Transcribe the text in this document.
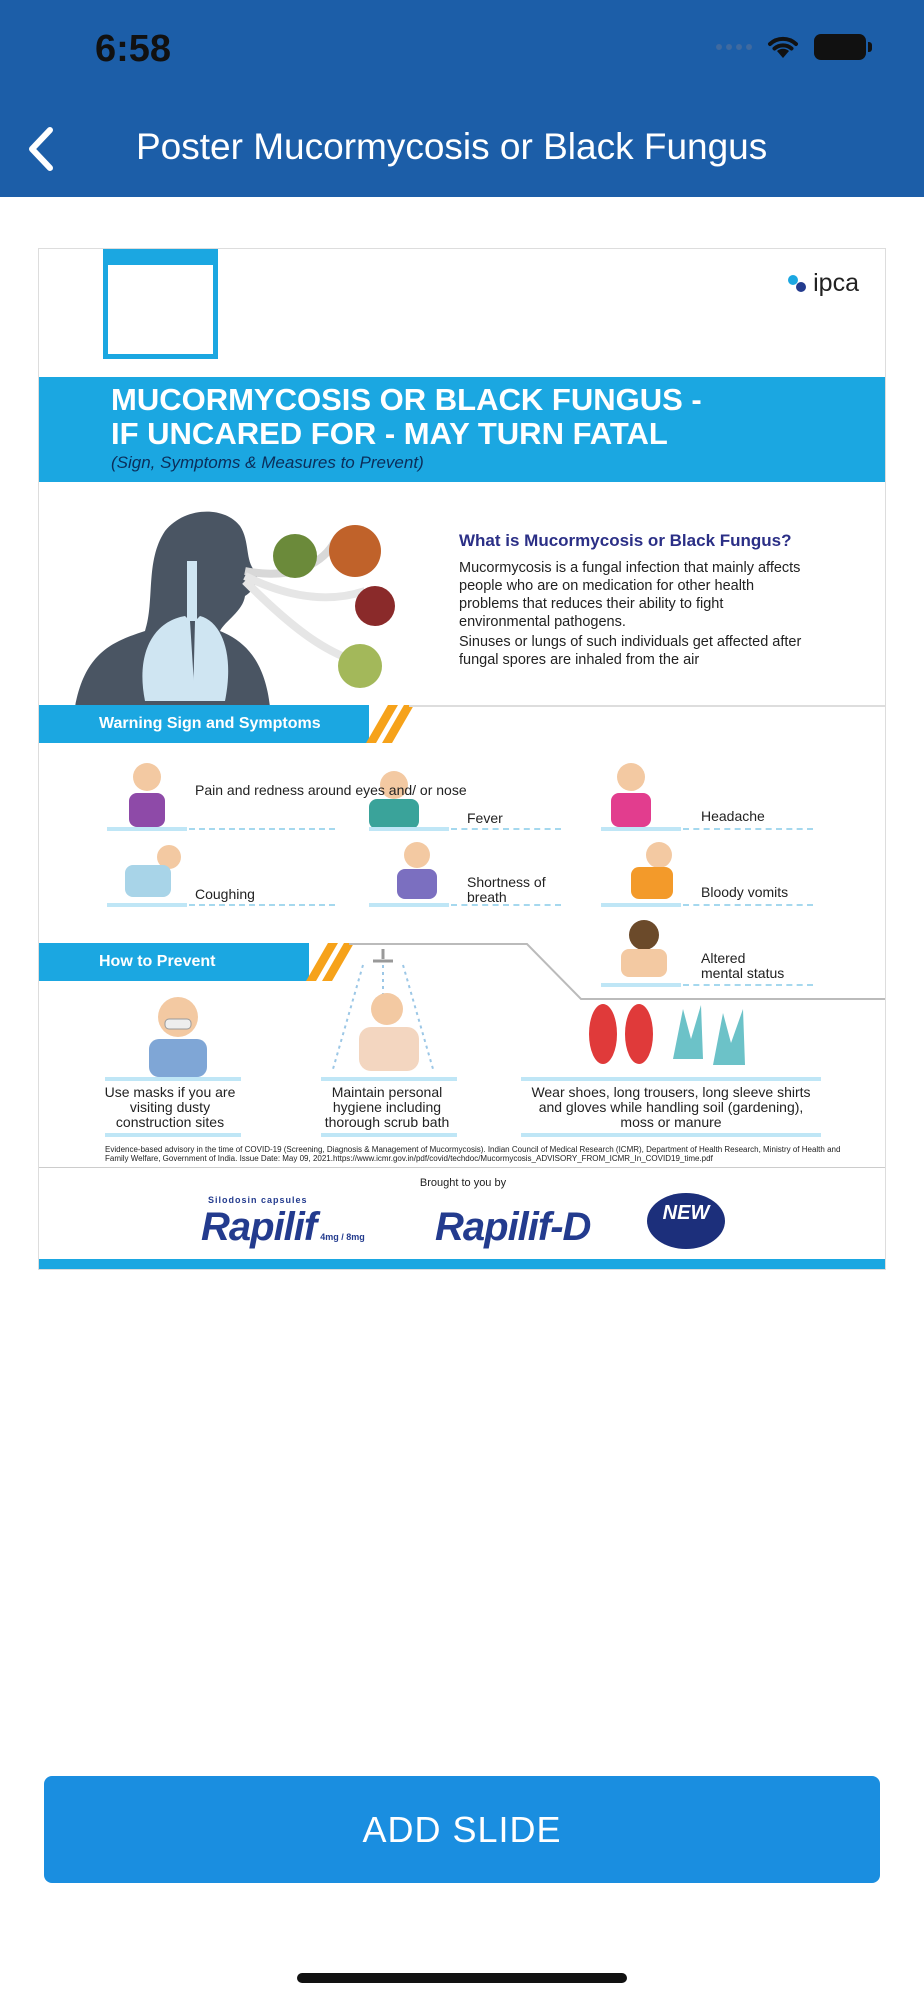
6:58
Poster Mucormycosis or Black Fungus
ipca
MUCORMYCOSIS OR BLACK FUNGUS -
IF UNCARED FOR - MAY TURN FATAL
(Sign, Symptoms & Measures to Prevent)
What is Mucormycosis or Black Fungus?
Mucormycosis is a fungal infection that mainly affects people who are on medication for other health problems that reduces their ability to fight environmental pathogens.
Sinuses or lungs of such individuals get affected after fungal spores are inhaled from the air
Warning Sign and Symptoms
Pain and redness around eyes and/ or nose
Fever	Headache
Coughing
Shortness of breath	Bloody vomits
Altered mental status
How to Prevent
Use masks if you are visiting dusty construction sites
Maintain personal hygiene including thorough scrub bath
Wear shoes, long trousers, long sleeve shirts and gloves while handling soil (gardening), moss or manure
Evidence-based advisory in the time of COVID-19 (Screening, Diagnosis & Management of Mucormycosis). Indian Council of Medical Research (ICMR), Department of Health Research, Ministry of Health and Family Welfare, Government of India. Issue Date: May 09, 2021.https://www.icmr.gov.in/pdf/covid/techdoc/Mucormycosis_ADVISORY_FROM_ICMR_In_COVID19_time.pdf
Brought to you by
Silodosin capsules
Rapilif 4mg / 8mg Rapilif-D	NEW
ADD SLIDE
